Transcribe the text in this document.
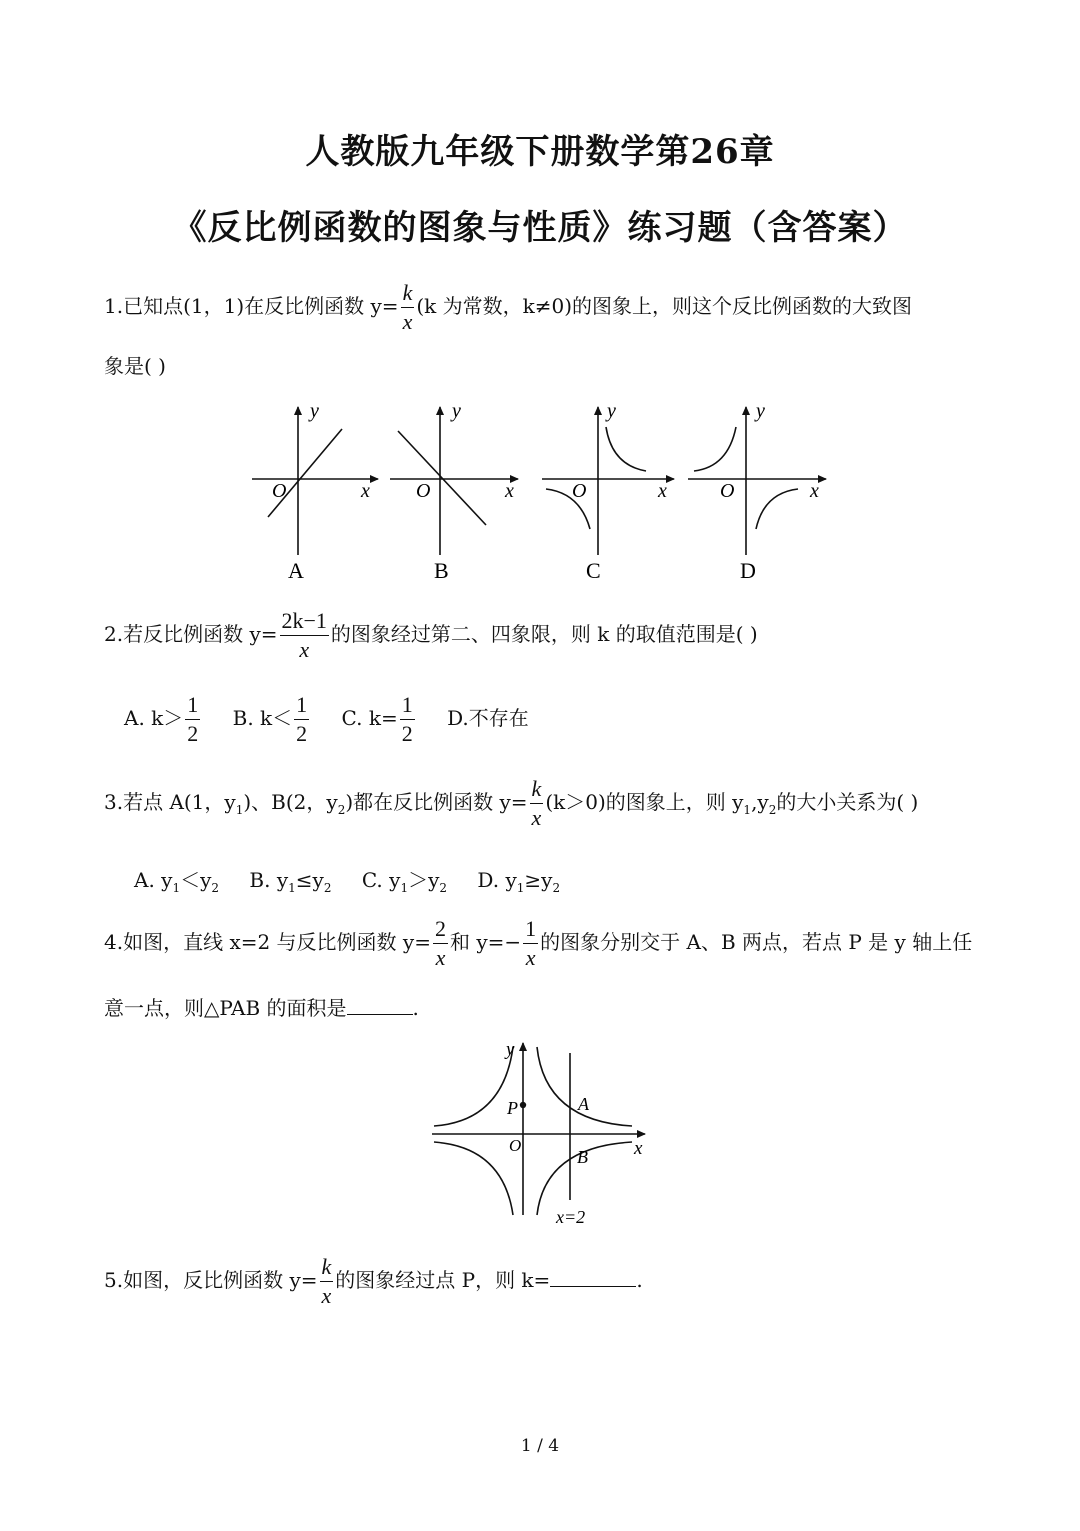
人教版九年级下册数学第26章
《反比例函数的图象与性质》练习题（含答案）
1.已知点(1，1)在反比例函数 $y= \frac{k}{x} (k$ 为常数，k≠0)的图象上，则这个反比例函数的大致图
象是( )
y
x
O
A
y
x
O
B
y
x
O
C
y
x
O
D
2.若反比例函数 $y= \frac{2k-1}{x}$ 的图象经过第二、四象限，则 k 的取值范围是( )
A. $k> \frac{1}{2} B$. $k< \frac{1}{2} C$. $k= \frac{1}{2} D$.不存在
3.若点 A(1，$y_1$)、B(2，$y_2$)都在反比例函数 $y= \frac{k}{x} (k>0)$的图象上，则 $y_1,y_2$的大小关系为( )
A. $y_1<y_2$ B. $y_1\le y_2$ C. $y_1>y_2$ D. $y_1\ge y_2$
4.如图，直线 x=2 与反比例函数 $y= \frac{2}{x}$ 和 $y=- \frac{1}{x}$ 的图象分别交于 A、B 两点，若点 P 是 y 轴上任
意一点，则△PAB 的面积是	.
y
x
O
P	A
B
x=2
5.如图，反比例函数 $y= \frac{k}{x}$ 的图象经过点 P，则 k=	.
1 / 4
